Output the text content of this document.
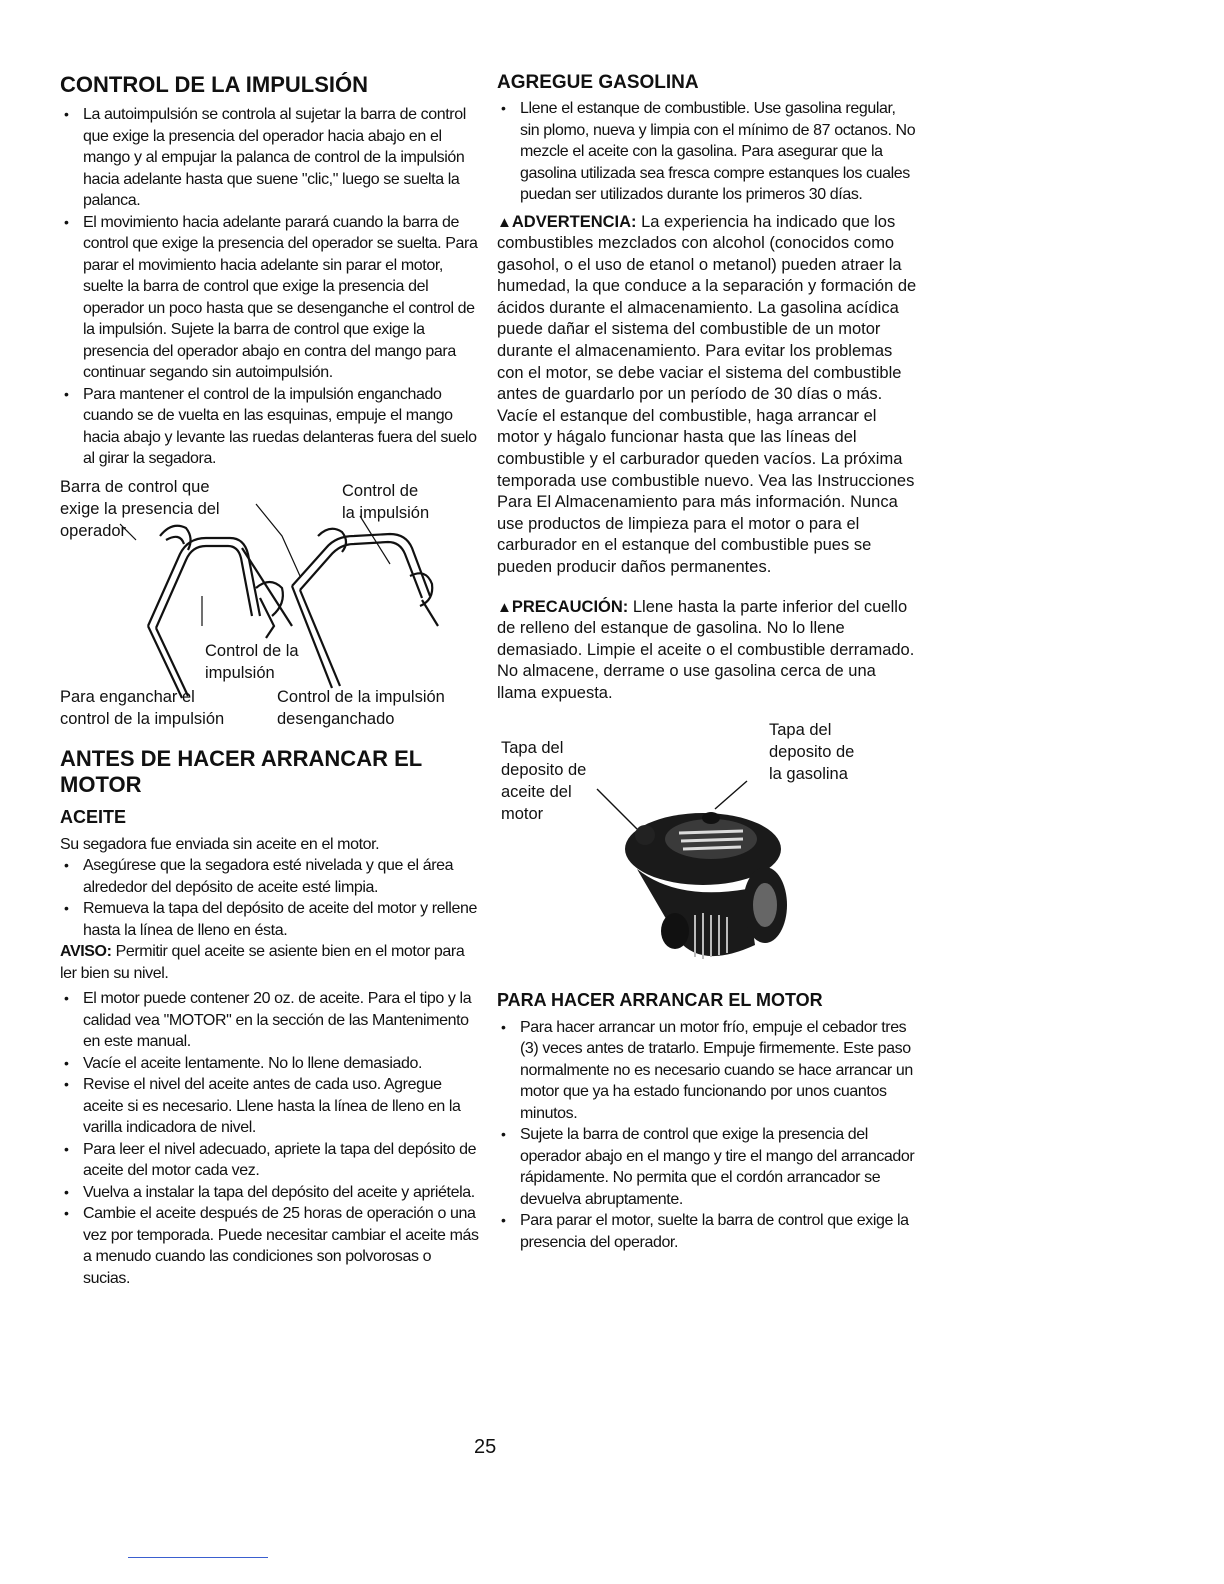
CONTROL DE LA IMPULSIÓN
• La autoimpulsión se controla al sujetar la barra de control que exige la presencia del operador hacia abajo en el mango y al empujar la palanca de control de la impulsión hacia adelante hasta que suene "clic," luego se suelta la palanca.
• El movimiento hacia adelante parará cuando la barra de control que exige la presencia del operador se suelta. Para parar el movimiento hacia adelante sin parar el motor, suelte la barra de control que exige la presencia del operador un poco hasta que se desenganche el control de la impulsión. Sujete la barra de control que exige la presencia del operador abajo en contra del mango para continuar segando sin autoimpulsión.
• Para mantener el control de la impulsión enganchado cuando se de vuelta en las esquinas, empuje el mango hacia abajo y levante las ruedas delanteras fuera del suelo al girar la segadora.
Barra de control que
exige la presencia del
operador
Control de
la impulsión
Control de la
impulsión
Para enganchar el
control de la impulsión
Control de la impulsión
desenganchado
ANTES DE HACER ARRANCAR EL MOTOR
ACEITE

Su segadora fue enviada sin aceite en el motor.

• Asegúrese que la segadora esté nivelada y que el área alrededor del depósito de aceite esté limpia.
• Remueva la tapa del depósito de aceite del motor y rellene hasta la línea de lleno en ésta.

AVISO: Permitir quel aceite se asiente bien en el motor para ler bien su nivel.

• El motor puede contener 20 oz. de aceite. Para el tipo y la calidad vea "MOTOR" en la sección de las Mantenimento en este manual.
• Vacíe el aceite lentamente. No lo llene demasiado.
• Revise el nivel del aceite antes de cada uso. Agregue aceite si es necesario. Llene hasta la línea de lleno en la varilla indicadora de nivel.
• Para leer el nivel adecuado, apriete la tapa del depósito de aceite del motor cada vez.
• Vuelva a instalar la tapa del depósito del aceite y apriétela.
• Cambie el aceite después de 25 horas de operación o una vez por temporada. Puede necesitar cambiar el aceite más a menudo cuando las condiciones son polvorosas o sucias.
AGREGUE GASOLINA
• Llene el estanque de combustible. Use gasolina regular, sin plomo, nueva y limpia con el mínimo de 87 octanos. No mezcle el aceite con la gasolina. Para asegurar que la gasolina utilizada sea fresca compre estanques los cuales puedan ser utilizados durante los primeros 30 días.

▲ADVERTENCIA: La experiencia ha indicado que los combustibles mezclados con alcohol (conocidos como gasohol, o el uso de etanol o metanol) pueden atraer la humedad, la que conduce a la separación y formación de ácidos durante el almacenamiento. La gasolina acídica puede dañar el sistema del combustible de un motor durante el almacenamiento. Para evitar los problemas con el motor, se debe vaciar el sistema del combustible antes de guardarlo por un período de 30 días o más. Vacíe el estanque del combustible, haga arrancar el motor y hágalo funcionar hasta que las líneas del combustible y el carburador queden vacíos. La próxima temporada use combustible nuevo. Vea las Instrucciones Para El Almacenamiento para más información. Nunca use productos de limpieza para el motor o para el carburador en el estanque del combustible pues se pueden producir daños permanentes.

▲PRECAUCIÓN: Llene hasta la parte inferior del cuello de relleno del estanque de gasolina. No lo llene demasiado. Limpie el aceite o el combustible derramado. No almacene, derrame o use gasolina cerca de una llama expuesta.

Tapa del
deposito de
aceite del
motor
Tapa del
deposito de
la gasolina
PARA HACER ARRANCAR EL MOTOR
• Para hacer arrancar un motor frío, empuje el cebador tres (3) veces antes de tratarlo. Empuje firmemente. Este paso normalmente no es necesario cuando se hace arrancar un motor que ya ha estado funcionando por unos cuantos minutos.
• Sujete la barra de control que exige la presencia del operador abajo en el mango y tire el mango del arrancador rápidamente. No permita que el cordón arrancador se devuelva abruptamente.
• Para parar el motor, suelte la barra de control que exige la presencia del operador.
25
